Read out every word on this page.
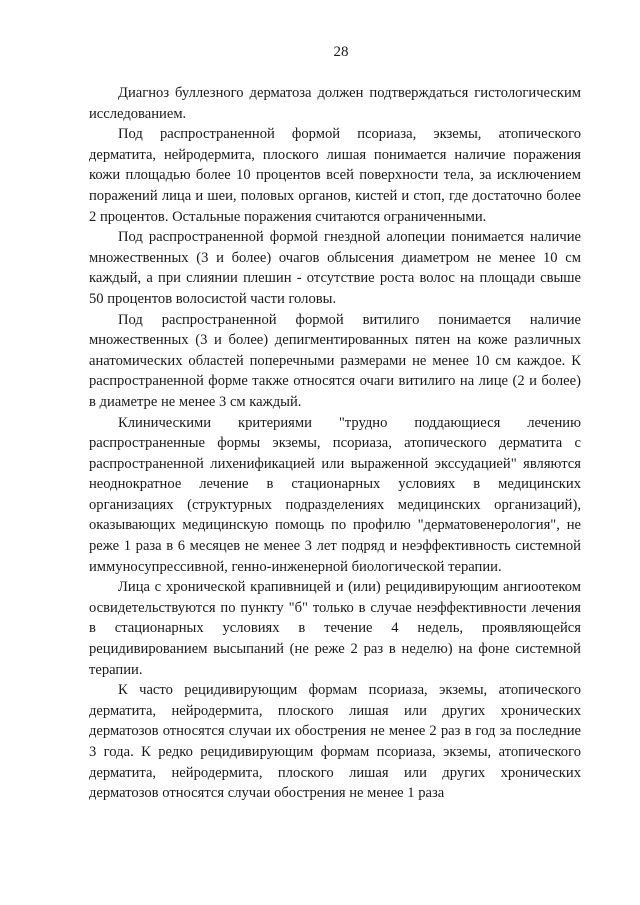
28

Диагноз буллезного дерматоза должен подтверждаться гистологическим исследованием.

Под распространенной формой псориаза, экземы, атопического дерматита, нейродермита, плоского лишая понимается наличие поражения кожи площадью более 10 процентов всей поверхности тела, за исключением поражений лица и шеи, половых органов, кистей и стоп, где достаточно более 2 процентов. Остальные поражения считаются ограниченными.

Под распространенной формой гнездной алопеции понимается наличие множественных (3 и более) очагов облысения диаметром не менее 10 см каждый, а при слиянии плешин - отсутствие роста волос на площади свыше 50 процентов волосистой части головы.

Под распространенной формой витилиго понимается наличие множественных (3 и более) депигментированных пятен на коже различных анатомических областей поперечными размерами не менее 10 см каждое. К распространенной форме также относятся очаги витилиго на лице (2 и более) в диаметре не менее 3 см каждый.

Клиническими критериями "трудно поддающиеся лечению распространенные формы экземы, псориаза, атопического дерматита с распространенной лихенификацией или выраженной экссудацией" являются неоднократное лечение в стационарных условиях в медицинских организациях (структурных подразделениях медицинских организаций), оказывающих медицинскую помощь по профилю "дерматовенерология", не реже 1 раза в 6 месяцев не менее 3 лет подряд и неэффективность системной иммуносупрессивной, генно-инженерной биологической терапии.

Лица с хронической крапивницей и (или) рецидивирующим ангиоотеком освидетельствуются по пункту "б" только в случае неэффективности лечения в стационарных условиях в течение 4 недель, проявляющейся рецидивированием высыпаний (не реже 2 раз в неделю) на фоне системной терапии.

К часто рецидивирующим формам псориаза, экземы, атопического дерматита, нейродермита, плоского лишая или других хронических дерматозов относятся случаи их обострения не менее 2 раз в год за последние 3 года. К редко рецидивирующим формам псориаза, экземы, атопического дерматита, нейродермита, плоского лишая или других хронических дерматозов относятся случаи обострения не менее 1 раза
